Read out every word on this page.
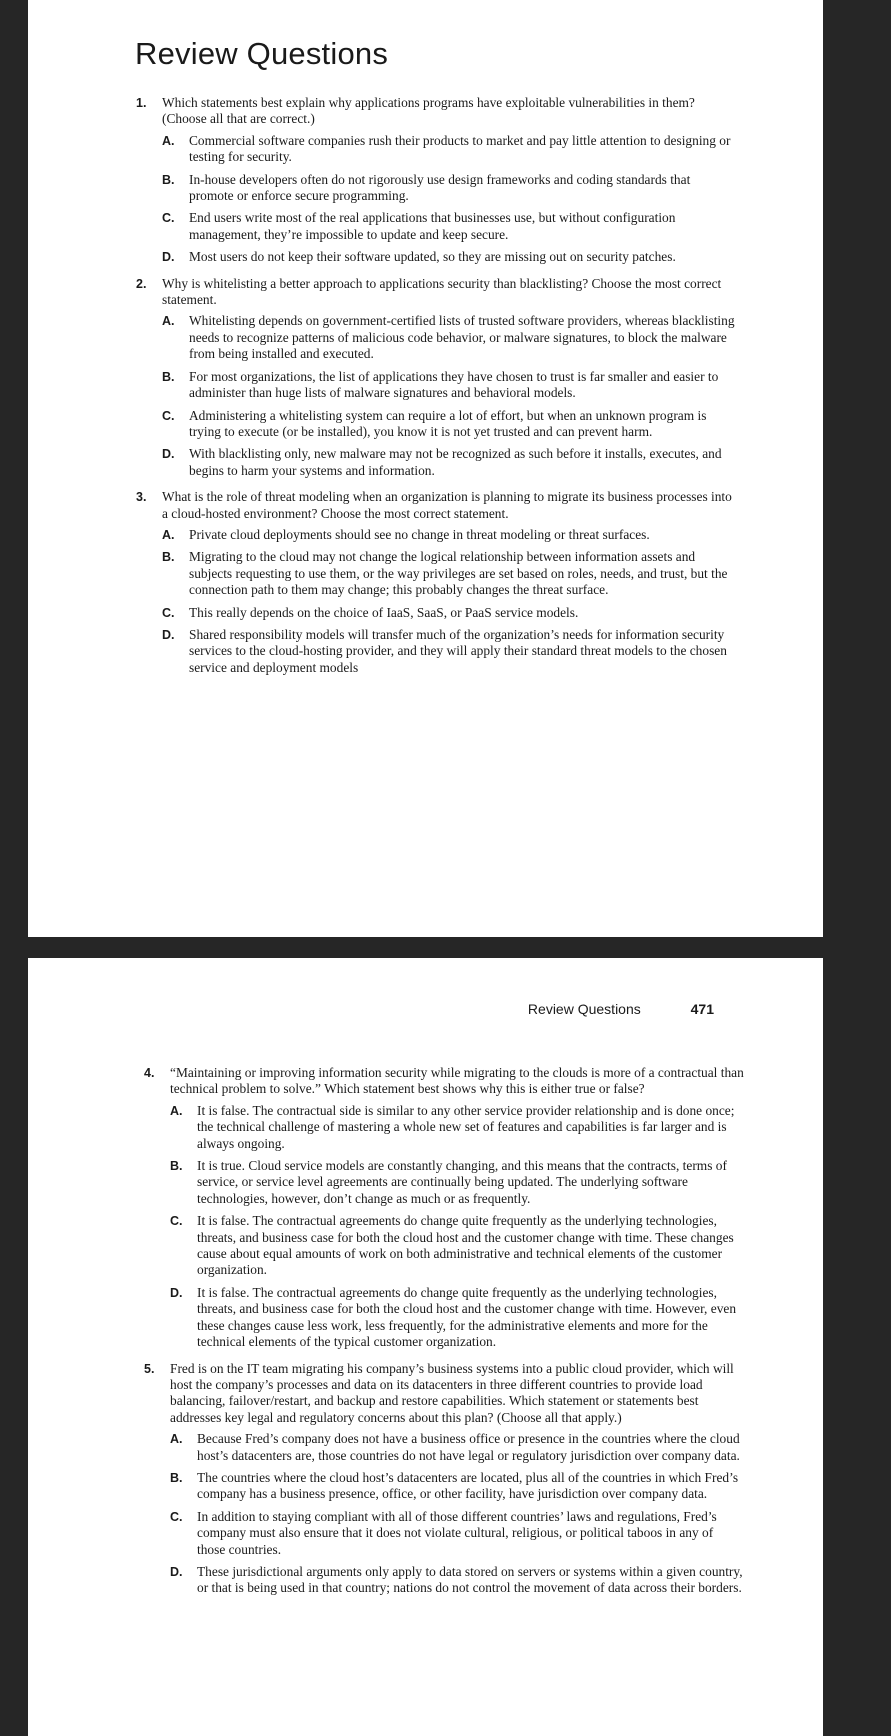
Review Questions
1. Which statements best explain why applications programs have exploitable vulnerabilities in them? (Choose all that are correct.)
A. Commercial software companies rush their products to market and pay little attention to designing or testing for security.
B. In-house developers often do not rigorously use design frameworks and coding standards that promote or enforce secure programming.
C. End users write most of the real applications that businesses use, but without configuration management, they’re impossible to update and keep secure.
D. Most users do not keep their software updated, so they are missing out on security patches.
2. Why is whitelisting a better approach to applications security than blacklisting? Choose the most correct statement.
A. Whitelisting depends on government-certified lists of trusted software providers, whereas blacklisting needs to recognize patterns of malicious code behavior, or malware signatures, to block the malware from being installed and executed.
B. For most organizations, the list of applications they have chosen to trust is far smaller and easier to administer than huge lists of malware signatures and behavioral models.
C. Administering a whitelisting system can require a lot of effort, but when an unknown program is trying to execute (or be installed), you know it is not yet trusted and can prevent harm.
D. With blacklisting only, new malware may not be recognized as such before it installs, executes, and begins to harm your systems and information.
3. What is the role of threat modeling when an organization is planning to migrate its business processes into a cloud-hosted environment? Choose the most correct statement.
A. Private cloud deployments should see no change in threat modeling or threat surfaces.
B. Migrating to the cloud may not change the logical relationship between information assets and subjects requesting to use them, or the way privileges are set based on roles, needs, and trust, but the connection path to them may change; this probably changes the threat surface.
C. This really depends on the choice of IaaS, SaaS, or PaaS service models.
D. Shared responsibility models will transfer much of the organization’s needs for information security services to the cloud-hosting provider, and they will apply their standard threat models to the chosen service and deployment models
Review Questions	471
4. “Maintaining or improving information security while migrating to the clouds is more of a contractual than technical problem to solve.” Which statement best shows why this is either true or false?
A. It is false. The contractual side is similar to any other service provider relationship and is done once; the technical challenge of mastering a whole new set of features and capabilities is far larger and is always ongoing.
B. It is true. Cloud service models are constantly changing, and this means that the contracts, terms of service, or service level agreements are continually being updated. The underlying software technologies, however, don’t change as much or as frequently.
C. It is false. The contractual agreements do change quite frequently as the underlying technologies, threats, and business case for both the cloud host and the customer change with time. These changes cause about equal amounts of work on both administrative and technical elements of the customer organization.
D. It is false. The contractual agreements do change quite frequently as the underlying technologies, threats, and business case for both the cloud host and the customer change with time. However, even these changes cause less work, less frequently, for the administrative elements and more for the technical elements of the typical customer organization.
5. Fred is on the IT team migrating his company’s business systems into a public cloud provider, which will host the company’s processes and data on its datacenters in three different countries to provide load balancing, failover/restart, and backup and restore capabilities. Which statement or statements best addresses key legal and regulatory concerns about this plan? (Choose all that apply.)
A. Because Fred’s company does not have a business office or presence in the countries where the cloud host’s datacenters are, those countries do not have legal or regulatory jurisdiction over company data.
B. The countries where the cloud host’s datacenters are located, plus all of the countries in which Fred’s company has a business presence, office, or other facility, have jurisdiction over company data.
C. In addition to staying compliant with all of those different countries’ laws and regulations, Fred’s company must also ensure that it does not violate cultural, religious, or political taboos in any of those countries.
D. These jurisdictional arguments only apply to data stored on servers or systems within a given country, or that is being used in that country; nations do not control the movement of data across their borders.
